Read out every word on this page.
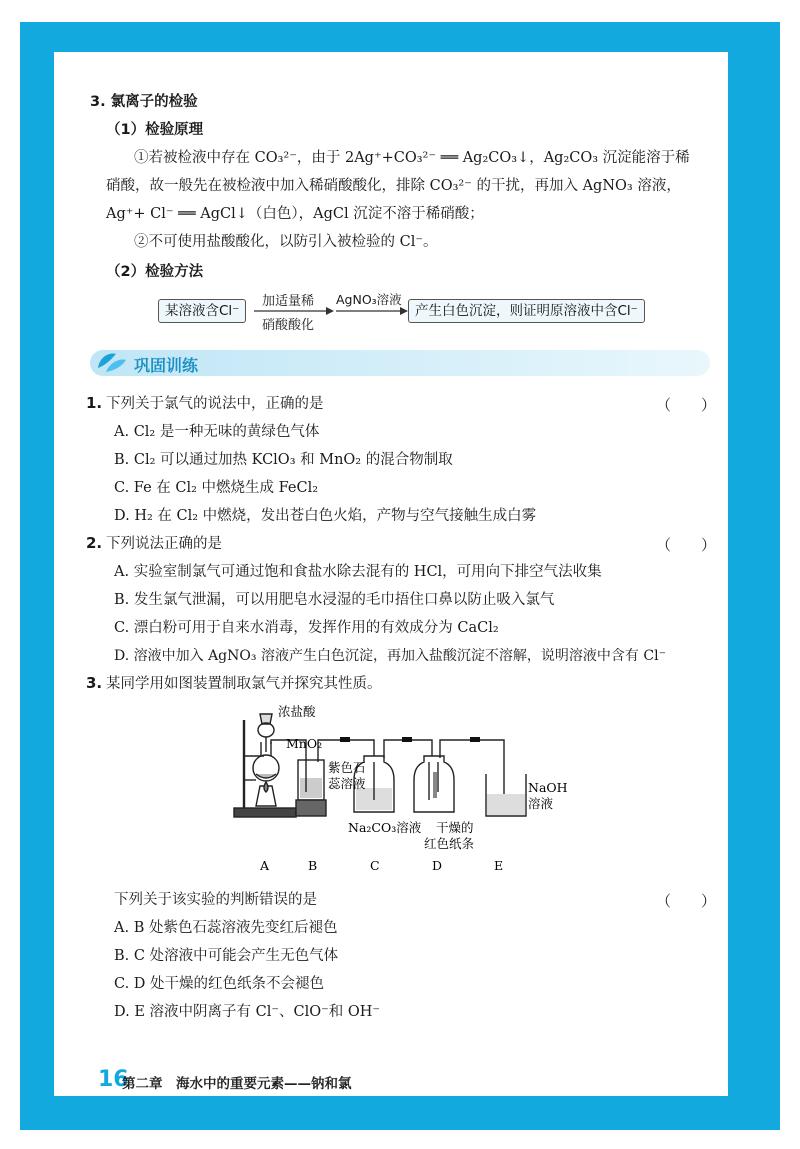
3. 氯离子的检验
（1）检验原理
①若被检液中存在 CO₃²⁻，由于 2Ag⁺+CO₃²⁻ ══ Ag₂CO₃↓，Ag₂CO₃ 沉淀能溶于稀
硝酸，故一般先在被检液中加入稀硝酸酸化，排除 CO₃²⁻ 的干扰，再加入 AgNO₃ 溶液，
Ag⁺+ Cl⁻ ══ AgCl↓（白色），AgCl 沉淀不溶于稀硝酸；
②不可使用盐酸酸化，以防引入被检验的 Cl⁻。
（2）检验方法
某溶液含Cl⁻
加适量稀
硝酸酸化
AgNO₃溶液
产生白色沉淀，则证明原溶液中含Cl⁻
巩固训练
1. 下列关于氯气的说法中，正确的是	（　　）
A. Cl₂ 是一种无味的黄绿色气体
B. Cl₂ 可以通过加热 KClO₃ 和 MnO₂ 的混合物制取
C. Fe 在 Cl₂ 中燃烧生成 FeCl₂
D. H₂ 在 Cl₂ 中燃烧，发出苍白色火焰，产物与空气接触生成白雾
2. 下列说法正确的是	（　　）
A. 实验室制氯气可通过饱和食盐水除去混有的 HCl，可用向下排空气法收集
B. 发生氯气泄漏，可以用肥皂水浸湿的毛巾捂住口鼻以防止吸入氯气
C. 漂白粉可用于自来水消毒，发挥作用的有效成分为 CaCl₂
D. 溶液中加入 AgNO₃ 溶液产生白色沉淀，再加入盐酸沉淀不溶解，说明溶液中含有 Cl⁻
3. 某同学用如图装置制取氯气并探究其性质。
浓盐酸
MnO₂
紫色石
蕊溶液	NaOH
溶液
Na₂CO₃溶液 干燥的
红色纸条
A	B	C	D	E
下列关于该实验的判断错误的是	（　　）
A. B 处紫色石蕊溶液先变红后褪色
B. C 处溶液中可能会产生无色气体
C. D 处干燥的红色纸条不会褪色
D. E 溶液中阴离子有 Cl⁻、ClO⁻和 OH⁻
16
第二章　海水中的重要元素——钠和氯
